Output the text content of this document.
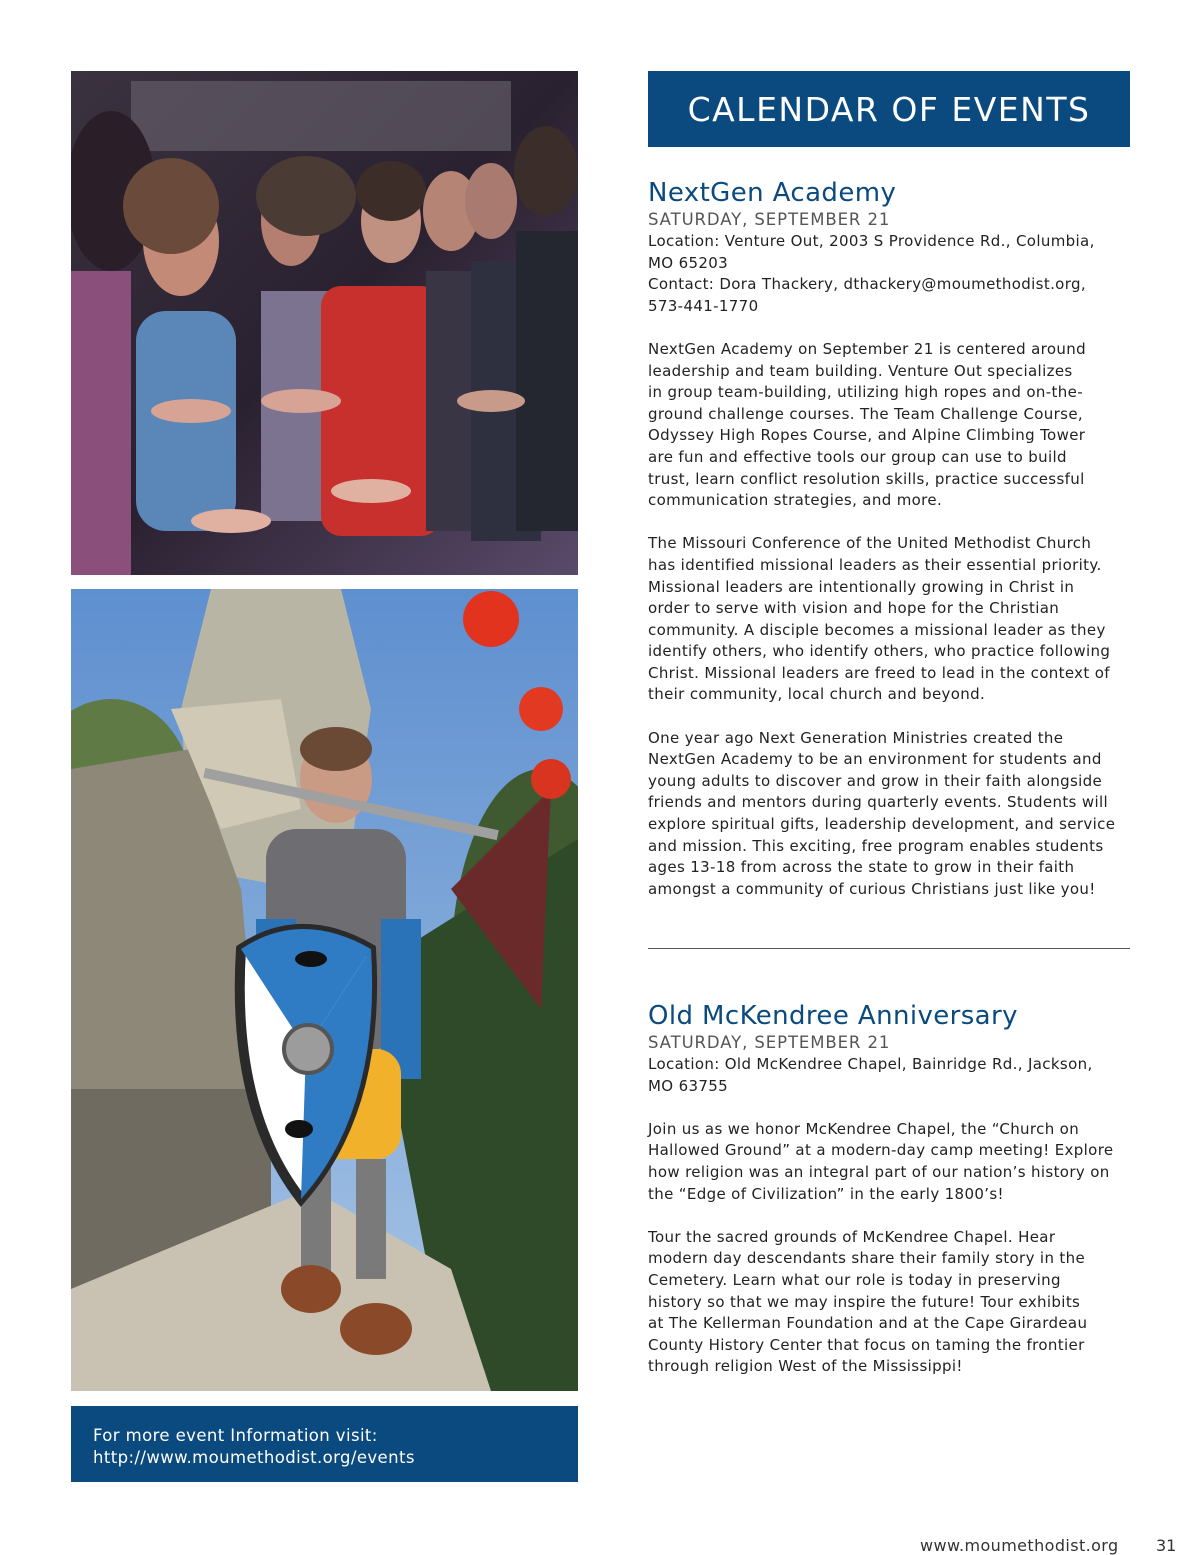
For more event Information visit:
http://www.moumethodist.org/events
CALENDAR OF EVENTS
NextGen Academy
SATURDAY, SEPTEMBER 21
Location: Venture Out, 2003 S Providence Rd., Columbia,
MO 65203
Contact: Dora Thackery, dthackery@moumethodist.org,
573-441-1770
NextGen Academy on September 21 is centered around
leadership and team building. Venture Out specializes
in group team-building, utilizing high ropes and on-the-
ground challenge courses. The Team Challenge Course,
Odyssey High Ropes Course, and Alpine Climbing Tower
are fun and effective tools our group can use to build
trust, learn conflict resolution skills, practice successful
communication strategies, and more.
The Missouri Conference of the United Methodist Church
has identified missional leaders as their essential priority.
Missional leaders are intentionally growing in Christ in
order to serve with vision and hope for the Christian
community. A disciple becomes a missional leader as they
identify others, who identify others, who practice following
Christ. Missional leaders are freed to lead in the context of
their community, local church and beyond.
One year ago Next Generation Ministries created the
NextGen Academy to be an environment for students and
young adults to discover and grow in their faith alongside
friends and mentors during quarterly events. Students will
explore spiritual gifts, leadership development, and service
and mission. This exciting, free program enables students
ages 13-18 from across the state to grow in their faith
amongst a community of curious Christians just like you!
Old McKendree Anniversary
SATURDAY, SEPTEMBER 21
Location: Old McKendree Chapel, Bainridge Rd., Jackson,
MO 63755
Join us as we honor McKendree Chapel, the “Church on
Hallowed Ground” at a modern-day camp meeting! Explore
how religion was an integral part of our nation’s history on
the “Edge of Civilization” in the early 1800’s!
Tour the sacred grounds of McKendree Chapel. Hear
modern day descendants share their family story in the
Cemetery. Learn what our role is today in preserving
history so that we may inspire the future! Tour exhibits
at The Kellerman Foundation and at the Cape Girardeau
County History Center that focus on taming the frontier
through religion West of the Mississippi!
www.moumethodist.org 31
